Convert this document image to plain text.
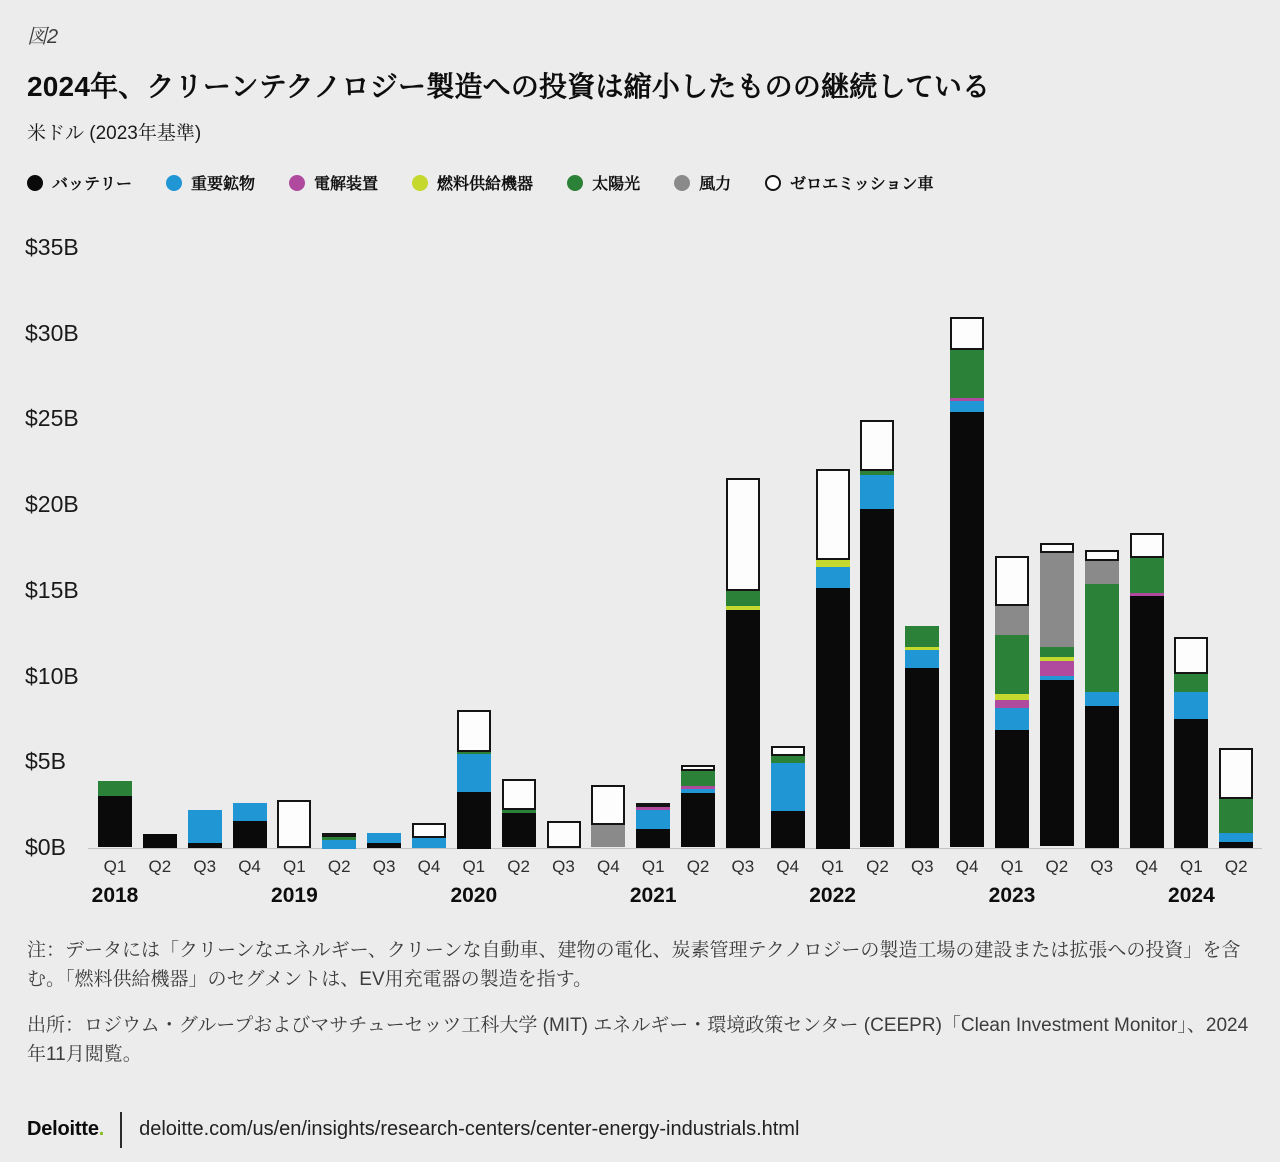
図2
2024年、クリーンテクノロジー製造への投資は縮小したものの継続している
米ドル (2023年基準)
バッテリー	重要鉱物	電解装置	燃料供給機器	太陽光	風力	ゼロエミッション車
$0B
$5B
$10B
$15B
$20B
$25B
$30B
$35B
Q1	Q2	Q3	Q4	Q1	Q2	Q3	Q4	Q1	Q2	Q3	Q4	Q1	Q2	Q3	Q4	Q1	Q2	Q3	Q4	Q1	Q2	Q3	Q4	Q1	Q2
2018	2019	2020	2021	2022	2023	2024
注：データには「クリーンなエネルギー、クリーンな自動車、建物の電化、炭素管理テクノロジーの製造工場の建設または拡張への投資」を含む。「燃料供給機器」のセグメントは、EV用充電器の製造を指す。
出所：ロジウム・グループおよびマサチューセッツ工科大学 (MIT) エネルギー・環境政策センター (CEEPR)「Clean Investment Monitor」、2024年11月閲覧。
Deloitte. deloitte.com/us/en/insights/research-centers/center-energy-industrials.html
